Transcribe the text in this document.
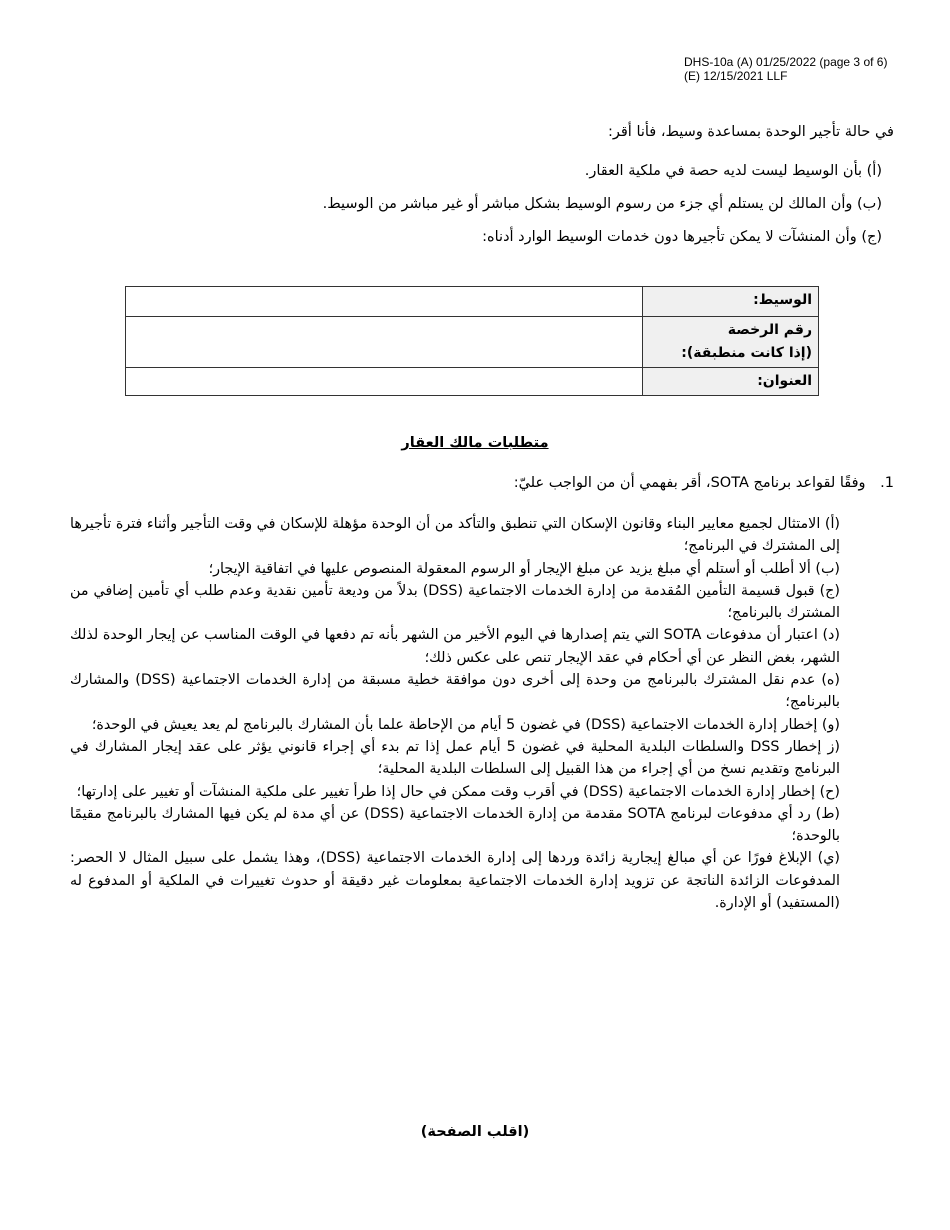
DHS-10a (A) 01/25/2022 (page 3 of 6)
(E) 12/15/2021 LLF
في حالة تأجير الوحدة بمساعدة وسيط، فأنا أقر:
(أ) بأن الوسيط ليست لديه حصة في ملكية العقار.
(ب) وأن المالك لن يستلم أي جزء من رسوم الوسيط بشكل مباشر أو غير مباشر من الوسيط.
(ج) وأن المنشآت لا يمكن تأجيرها دون خدمات الوسيط الوارد أدناه:
الوسيط:	

رقم الرخصة
(إذا كانت منطبقة):	

العنوان:	
متطلبات مالك العقار
1. وفقًا لقواعد برنامج SOTA، أقر بفهمي أن من الواجب عليّ:
(أ) الامتثال لجميع معايير البناء وقانون الإسكان التي تنطبق والتأكد من أن الوحدة مؤهلة للإسكان في وقت التأجير وأثناء فترة تأجيرها إلى المشترك في البرنامج؛
(ب) ألا أطلب أو أستلم أي مبلغ يزيد عن مبلغ الإيجار أو الرسوم المعقولة المنصوص عليها في اتفاقية الإيجار؛
(ج) قبول قسيمة التأمين المُقدمة من إدارة الخدمات الاجتماعية (DSS) بدلاً من وديعة تأمين نقدية وعدم طلب أي تأمين إضافي من المشترك بالبرنامج؛
(د) اعتبار أن مدفوعات SOTA التي يتم إصدارها في اليوم الأخير من الشهر بأنه تم دفعها في الوقت المناسب عن إيجار الوحدة لذلك الشهر، بغض النظر عن أي أحكام في عقد الإيجار تنص على عكس ذلك؛
(ه) عدم نقل المشترك بالبرنامج من وحدة إلى أخرى دون موافقة خطية مسبقة من إدارة الخدمات الاجتماعية (DSS) والمشارك بالبرنامج؛
(و) إخطار إدارة الخدمات الاجتماعية (DSS) في غضون 5 أيام من الإحاطة علما بأن المشارك بالبرنامج لم يعد يعيش في الوحدة؛
(ز إخطار DSS والسلطات البلدية المحلية في غضون 5 أيام عمل إذا تم بدء أي إجراء قانوني يؤثر على عقد إيجار المشارك في البرنامج وتقديم نسخ من أي إجراء من هذا القبيل إلى السلطات البلدية المحلية؛
(ح) إخطار إدارة الخدمات الاجتماعية (DSS) في أقرب وقت ممكن في حال إذا طرأ تغيير على ملكية المنشآت أو تغيير على إدارتها؛
(ط) رد أي مدفوعات لبرنامج SOTA مقدمة من إدارة الخدمات الاجتماعية (DSS) عن أي مدة لم يكن فيها المشارك بالبرنامج مقيمًا بالوحدة؛
(ي) الإبلاغ فورًا عن أي مبالغ إيجارية زائدة وردها إلى إدارة الخدمات الاجتماعية (DSS)، وهذا يشمل على سبيل المثال لا الحصر: المدفوعات الزائدة الناتجة عن تزويد إدارة الخدمات الاجتماعية بمعلومات غير دقيقة أو حدوث تغييرات في الملكية أو المدفوع له (المستفيد) أو الإدارة.
(اقلب الصفحة)
